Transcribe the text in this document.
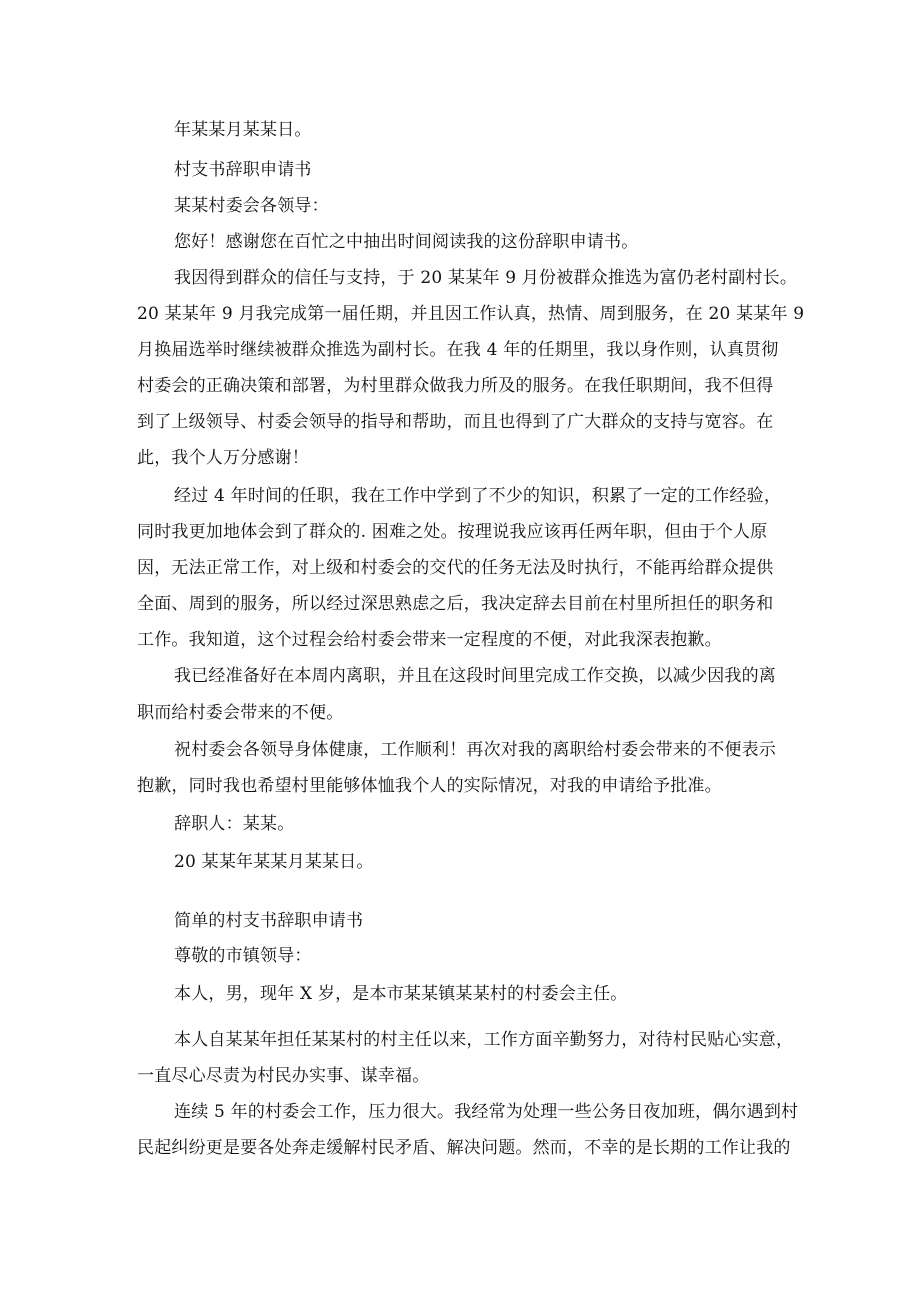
年某某月某某日。
村支书辞职申请书
某某村委会各领导：
您好！感谢您在百忙之中抽出时间阅读我的这份辞职申请书。
我因得到群众的信任与支持，于 20 某某年 9 月份被群众推选为富仍老村副村长。
20 某某年 9 月我完成第一届任期，并且因工作认真，热情、周到服务，在 20 某某年 9
月换届选举时继续被群众推选为副村长。在我 4 年的任期里，我以身作则，认真贯彻
村委会的正确决策和部署，为村里群众做我力所及的服务。在我任职期间，我不但得
到了上级领导、村委会领导的指导和帮助，而且也得到了广大群众的支持与宽容。在
此，我个人万分感谢！
经过 4 年时间的任职，我在工作中学到了不少的知识，积累了一定的工作经验，
同时我更加地体会到了群众的. 困难之处。按理说我应该再任两年职，但由于个人原
因，无法正常工作，对上级和村委会的交代的任务无法及时执行，不能再给群众提供
全面、周到的服务，所以经过深思熟虑之后，我决定辞去目前在村里所担任的职务和
工作。我知道，这个过程会给村委会带来一定程度的不便，对此我深表抱歉。
我已经准备好在本周内离职，并且在这段时间里完成工作交换，以减少因我的离
职而给村委会带来的不便。
祝村委会各领导身体健康，工作顺利！再次对我的离职给村委会带来的不便表示
抱歉，同时我也希望村里能够体恤我个人的实际情况，对我的申请给予批准。
辞职人：某某。
20 某某年某某月某某日。
简单的村支书辞职申请书
尊敬的市镇领导：
本人，男，现年 X 岁，是本市某某镇某某村的村委会主任。
本人自某某年担任某某村的村主任以来，工作方面辛勤努力，对待村民贴心实意，
一直尽心尽责为村民办实事、谋幸福。
连续 5 年的村委会工作，压力很大。我经常为处理一些公务日夜加班，偶尔遇到村
民起纠纷更是要各处奔走缓解村民矛盾、解决问题。然而，不幸的是长期的工作让我的
